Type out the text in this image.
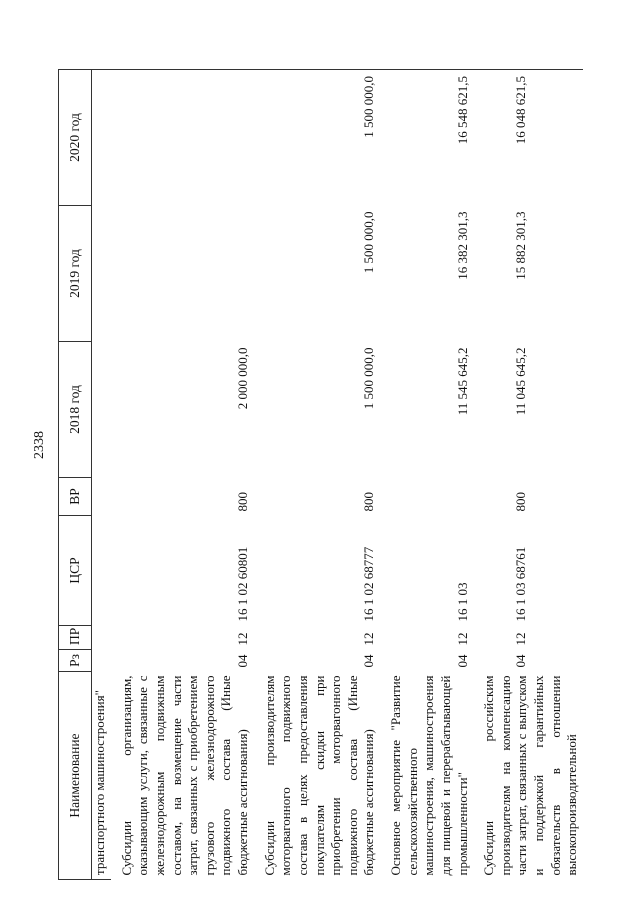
2338
Наименование	Рз	ПР	ЦСР	ВР	2018 год	2019 год	2020 год
транспортного машиностроения"							
Субсидии организациям, оказывающим услуги, связанные с железнодорожным подвижным составом, на возмещение части затрат, связанных с приобретением грузового железнодорожного подвижного состава (Иные бюджетные ассигнования)	04	12	16 1 02 60801	800	2 000 000,0		
Субсидии производителям моторвагонного подвижного состава в целях предоставления покупателям скидки при приобретении моторвагонного подвижного состава (Иные бюджетные ассигнования)	04	12	16 1 02 68777	800	1 500 000,0	1 500 000,0	1 500 000,0
Основное мероприятие "Развитие сельскохозяйственного машиностроения, машиностроения для пищевой и перерабатывающей промышленности"	04	12	16 1 03		11 545 645,2	16 382 301,3	16 548 621,5
Субсидии российским производителям на компенсацию части затрат, связанных с выпуском и поддержкой гарантийных обязательств в отношении высокопроизводительной	04	12	16 1 03 68761	800	11 045 645,2	15 882 301,3	16 048 621,5
